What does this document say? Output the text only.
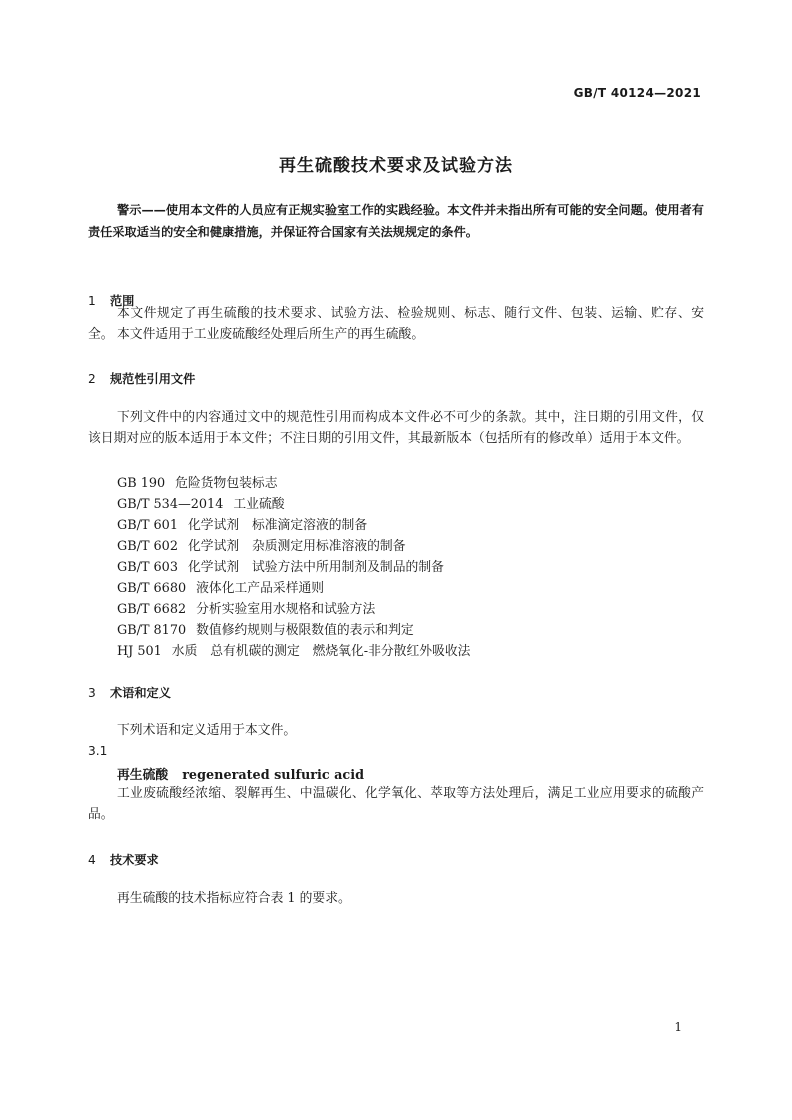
GB/T 40124—2021
再生硫酸技术要求及试验方法
警示——使用本文件的人员应有正规实验室工作的实践经验。本文件并未指出所有可能的安全问题。使用者有责任采取适当的安全和健康措施，并保证符合国家有关法规规定的条件。
1 范围
本文件规定了再生硫酸的技术要求、试验方法、检验规则、标志、随行文件、包装、运输、贮存、安全。 本文件适用于工业废硫酸经处理后所生产的再生硫酸。
2 规范性引用文件
下列文件中的内容通过文中的规范性引用而构成本文件必不可少的条款。其中，注日期的引用文件，仅该日期对应的版本适用于本文件；不注日期的引用文件，其最新版本（包括所有的修改单）适用于本文件。
GB 190 危险货物包装标志
GB/T 534—2014 工业硫酸
GB/T 601 化学试剂　标准滴定溶液的制备
GB/T 602 化学试剂　杂质测定用标准溶液的制备
GB/T 603 化学试剂　试验方法中所用制剂及制品的制备
GB/T 6680 液体化工产品采样通则
GB/T 6682 分析实验室用水规格和试验方法
GB/T 8170 数值修约规则与极限数值的表示和判定
HJ 501 水质　总有机碳的测定　燃烧氧化-非分散红外吸收法
3 术语和定义
下列术语和定义适用于本文件。
3.1
再生硫酸 regenerated sulfuric acid
工业废硫酸经浓缩、裂解再生、中温碳化、化学氧化、萃取等方法处理后，满足工业应用要求的硫酸产品。
4 技术要求
再生硫酸的技术指标应符合表 1 的要求。
1
